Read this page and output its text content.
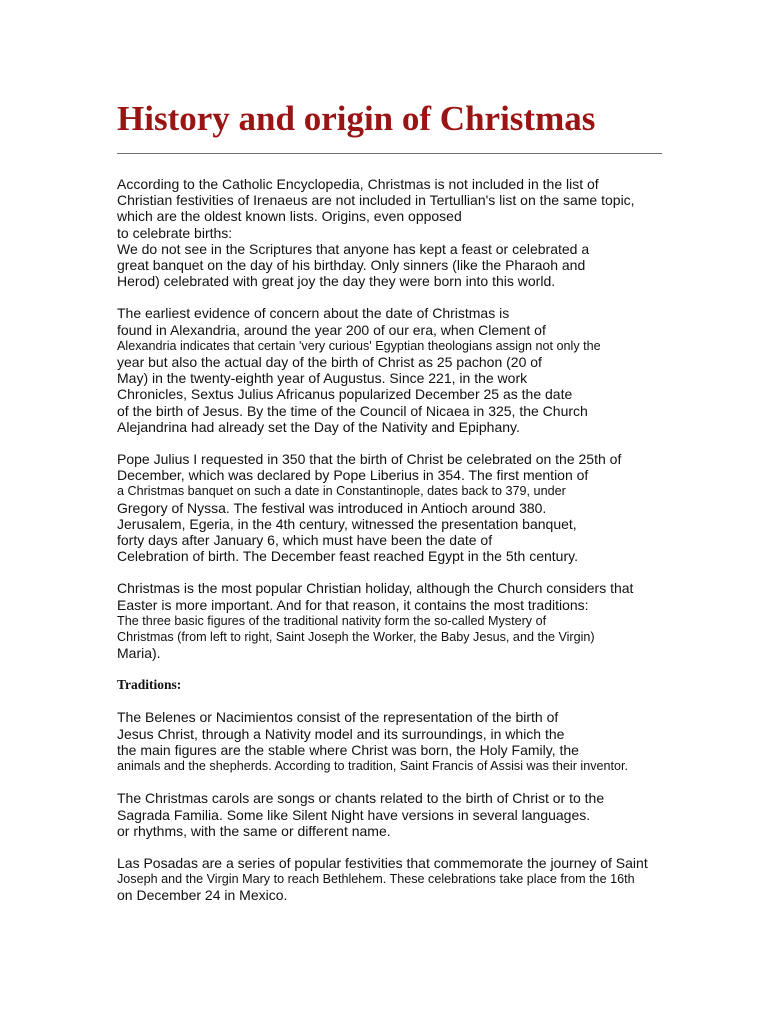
History and origin of Christmas
According to the Catholic Encyclopedia, Christmas is not included in the list of
Christian festivities of Irenaeus are not included in Tertullian's list on the same topic,
which are the oldest known lists. Origins, even opposed
to celebrate births:
We do not see in the Scriptures that anyone has kept a feast or celebrated a
great banquet on the day of his birthday. Only sinners (like the Pharaoh and
Herod) celebrated with great joy the day they were born into this world.
The earliest evidence of concern about the date of Christmas is
found in Alexandria, around the year 200 of our era, when Clement of
Alexandria indicates that certain 'very curious' Egyptian theologians assign not only the
year but also the actual day of the birth of Christ as 25 pachon (20 of
May) in the twenty-eighth year of Augustus. Since 221, in the work
Chronicles, Sextus Julius Africanus popularized December 25 as the date
of the birth of Jesus. By the time of the Council of Nicaea in 325, the Church
Alejandrina had already set the Day of the Nativity and Epiphany.
Pope Julius I requested in 350 that the birth of Christ be celebrated on the 25th of
December, which was declared by Pope Liberius in 354. The first mention of
a Christmas banquet on such a date in Constantinople, dates back to 379, under
Gregory of Nyssa. The festival was introduced in Antioch around 380.
Jerusalem, Egeria, in the 4th century, witnessed the presentation banquet,
forty days after January 6, which must have been the date of
Celebration of birth. The December feast reached Egypt in the 5th century.
Christmas is the most popular Christian holiday, although the Church considers that
Easter is more important. And for that reason, it contains the most traditions:
The three basic figures of the traditional nativity form the so-called Mystery of
Christmas (from left to right, Saint Joseph the Worker, the Baby Jesus, and the Virgin)
Maria).
Traditions:
The Belenes or Nacimientos consist of the representation of the birth of
Jesus Christ, through a Nativity model and its surroundings, in which the
the main figures are the stable where Christ was born, the Holy Family, the
animals and the shepherds. According to tradition, Saint Francis of Assisi was their inventor.
The Christmas carols are songs or chants related to the birth of Christ or to the
Sagrada Familia. Some like Silent Night have versions in several languages.
or rhythms, with the same or different name.
Las Posadas are a series of popular festivities that commemorate the journey of Saint
Joseph and the Virgin Mary to reach Bethlehem. These celebrations take place from the 16th
on December 24 in Mexico.
